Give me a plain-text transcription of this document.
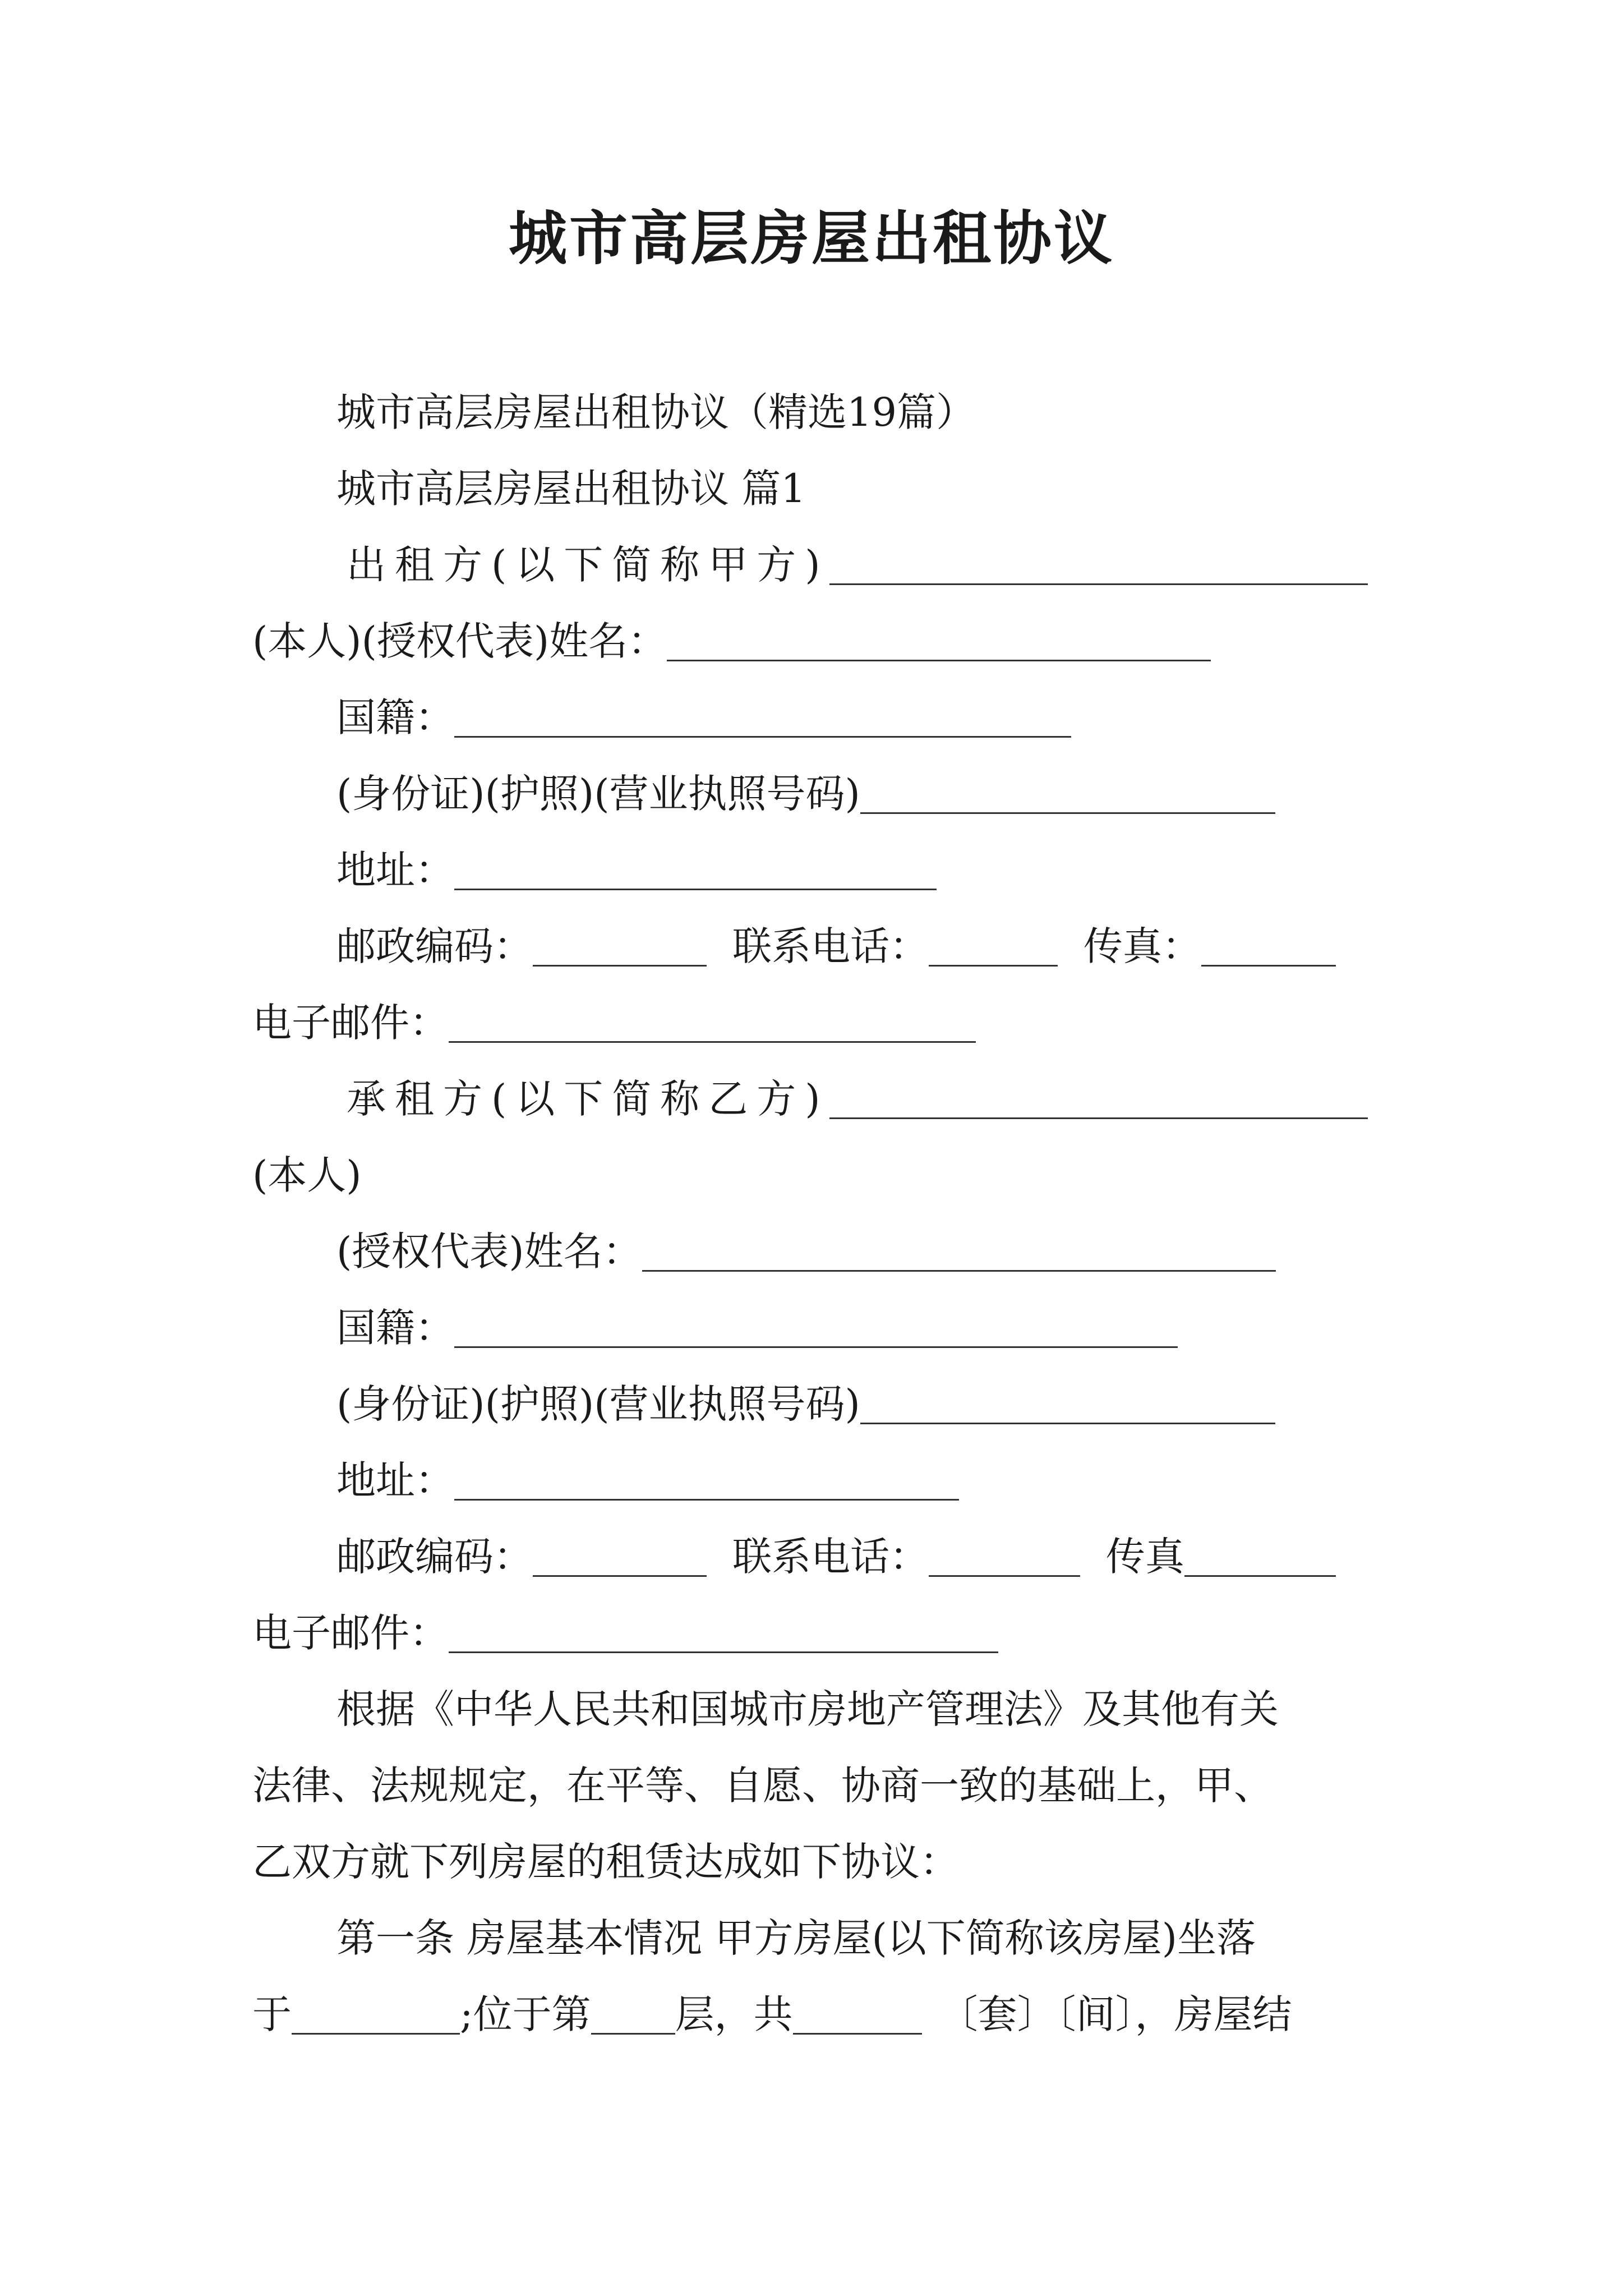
城市高层房屋出租协议
城市高层房屋出租协议（精选19篇）
城市高层房屋出租协议 篇1
出租方(以下简称甲方)
(本人)(授权代表)姓名：
国籍：
(身份证)(护照)(营业执照号码)
地址：
邮政编码：	联系电话：	传真：
电子邮件：
承租方(以下简称乙方)
(本人)
(授权代表)姓名：
国籍：
(身份证)(护照)(营业执照号码)
地址：
邮政编码：	联系电话：	传真
电子邮件：
根据《中华人民共和国城市房地产管理法》及其他有关
法律、法规规定，在平等、自愿、协商一致的基础上，甲、
乙双方就下列房屋的租赁达成如下协议：
第一条 房屋基本情况 甲方房屋(以下简称该房屋)坐落
于	;位于第 层，共	〔套〕〔间〕，房屋结
